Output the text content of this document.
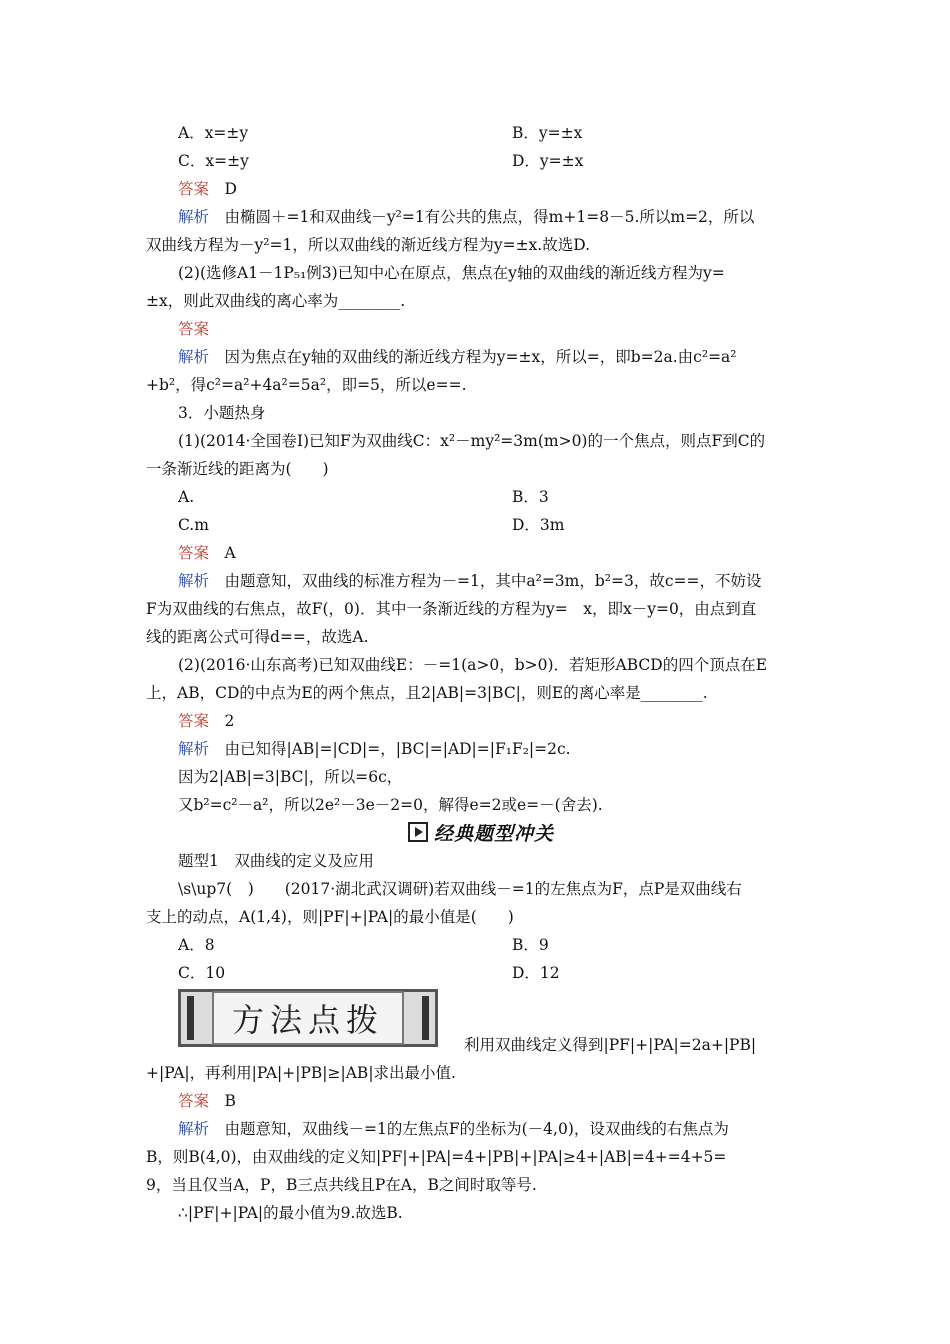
A．x=±y	B．y=±x
C．x=±y	D．y=±x
答案　D
解析　由椭圆＋=1和双曲线－y²=1有公共的焦点，得m+1=8－5.所以m=2，所以
双曲线方程为－y²=1，所以双曲线的渐近线方程为y=±x.故选D.
(2)(选修A1－1P₅₁例3)已知中心在原点，焦点在y轴的双曲线的渐近线方程为y=
±x，则此双曲线的离心率为________.
答案
解析　因为焦点在y轴的双曲线的渐近线方程为y=±x，所以=，即b=2a.由c²=a²
+b²，得c²=a²+4a²=5a²，即=5，所以e==.
3．小题热身
(1)(2014·全国卷Ⅰ)已知F为双曲线C：x²－my²=3m(m>0)的一个焦点，则点F到C的
一条渐近线的距离为(　　)
A.	B．3
C.m	D．3m
答案　A
解析　由题意知，双曲线的标准方程为－=1，其中a²=3m，b²=3，故c==，不妨设
F为双曲线的右焦点，故F(，0)．其中一条渐近线的方程为y=　x，即x－y=0，由点到直
线的距离公式可得d==，故选A.
(2)(2016·山东高考)已知双曲线E：－=1(a>0，b>0)．若矩形ABCD的四个顶点在E
上，AB，CD的中点为E的两个焦点，且2|AB|=3|BC|，则E的离心率是________.
答案　2
解析　由已知得|AB|=|CD|=，|BC|=|AD|=|F₁F₂|=2c.
因为2|AB|=3|BC|，所以=6c，
又b²=c²－a²，所以2e²－3e－2=0，解得e=2或e=－(舍去).
题型1　双曲线的定义及应用
\s\up7(　)　　(2017·湖北武汉调研)若双曲线－=1的左焦点为F，点P是双曲线右
支上的动点，A(1,4)，则|PF|+|PA|的最小值是(　　)
A．8	B．9
C．10	D．12
利用双曲线定义得到|PF|+|PA|=2a+|PB|
+|PA|，再利用|PA|+|PB|≥|AB|求出最小值.
答案　B
解析　由题意知，双曲线－=1的左焦点F的坐标为(－4,0)，设双曲线的右焦点为
B，则B(4,0)，由双曲线的定义知|PF|+|PA|=4+|PB|+|PA|≥4+|AB|=4+=4+5=
9，当且仅当A，P，B三点共线且P在A，B之间时取等号.
∴|PF|+|PA|的最小值为9.故选B.
经典题型冲关
方法点拨
